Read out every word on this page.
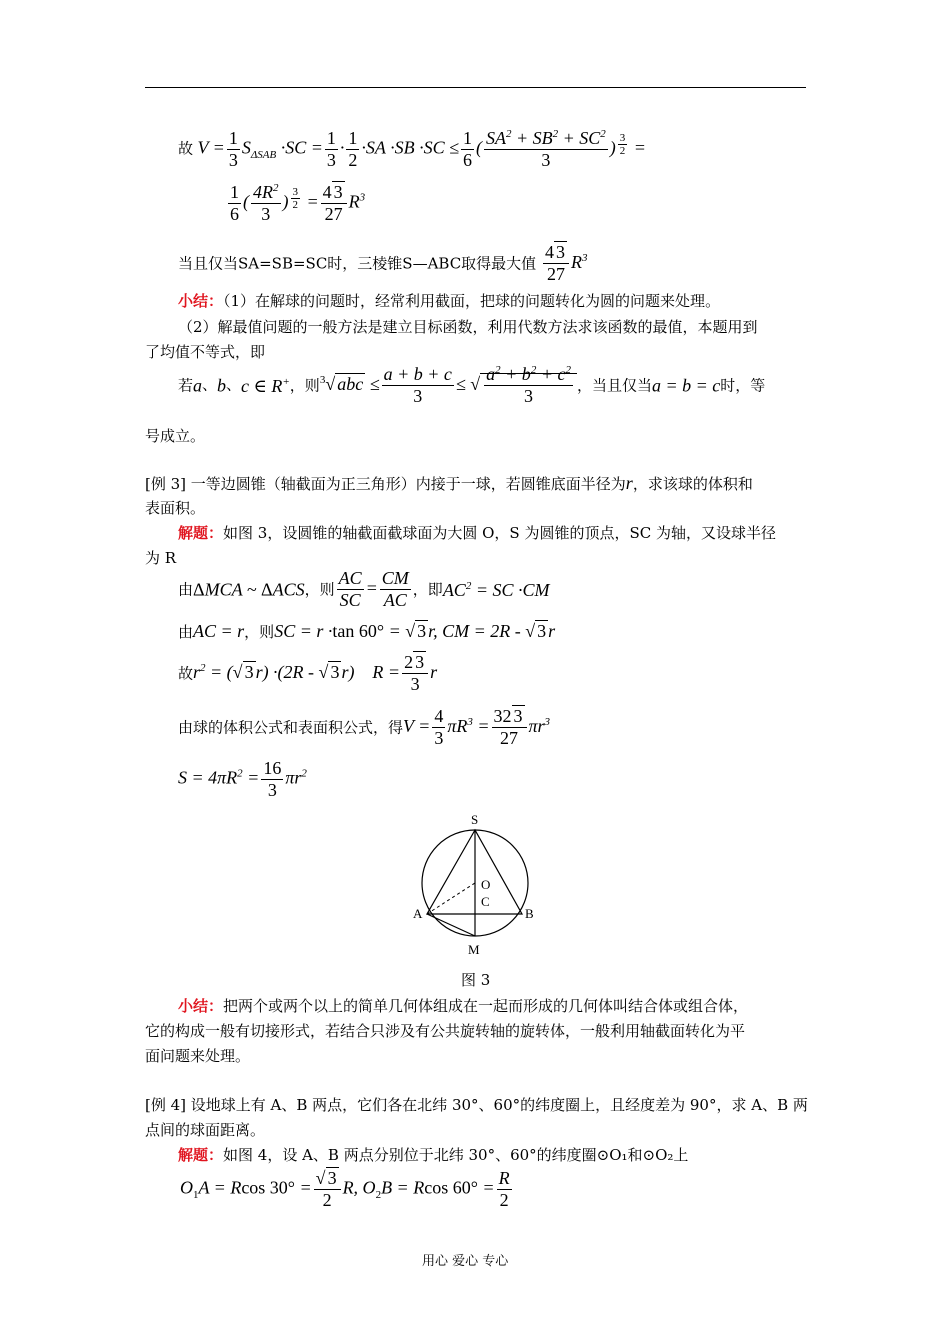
故 $V = \frac{1}{3} S_{\Delta SAB} \cdot SC = \frac{1}{3} \cdot \frac{1}{2} \cdot SA \cdot SB \cdot SC \le \frac{1}{6}$ ( $\frac{SA^2 + SB^2 + SC^2}{3}$ ) $^{\frac{3}{2}}$ =
$\frac{1}{6}$ ( $\frac{4R^2}{3}$ ) $^{\frac{3}{2}} = \frac{4 3}{27} R^3$
当且仅当SA=SB=SC时，三棱锥S—ABC取得最大值 $\frac{4 3}{27} R^3$
小结：（1）在解球的问题时，经常利用截面，把球的问题转化为圆的问题来处理。
（2）解最值问题的一般方法是建立目标函数，利用代数方法求该函数的最值，本题用到
了均值不等式，即
若a、b、c ∈ R+，则$^3$√ abc ≤ $\frac{a + b + c}{3}$ ≤ √ $\frac{a^2 + b^2 + c^2}{3}$ ，当且仅当a = b = c时，等
号成立。
[例 3] 一等边圆锥（轴截面为正三角形）内接于一球，若圆锥底面半径为r，求该球的体积和
表面积。
解题：如图 3，设圆锥的轴截面截球面为大圆 O，S 为圆锥的顶点，SC 为轴，又设球半径
为 R
由ΔMCA ~ ΔACS，则 $\frac{AC}{SC} = \frac{CM}{AC}$ ，即$AC^2$ = SC ·CM
由AC = r，则SC = r ·tan 60° = √ 3 r, CM = 2R - √ 3 r
故$r^2$ = (√ 3 r) ·(2R - √ 3 r)    $R = \frac{2 3}{3}$ r
由球的体积公式和表面积公式，得$V = \frac{4}{3} \pi R^3 = \frac{32 3}{27} \pi r^3$
$S = 4\pi R^2 = \frac{16}{3} \pi r^2$
S
O
C
A	B
M
图 3
小结：把两个或两个以上的简单几何体组成在一起而形成的几何体叫结合体或组合体，
它的构成一般有切接形式，若结合只涉及有公共旋转轴的旋转体，一般利用轴截面转化为平
面问题来处理。
[例 4] 设地球上有 A、B 两点，它们各在北纬 30°、60°的纬度圈上，且经度差为 90°，求 A、B 两
点间的球面距离。
解题：如图 4，设 A、B 两点分别位于北纬 30°、60°的纬度圈⊙O₁和⊙O₂上
$O_1A = Rcos$ $30^\circ = \frac{√ 3}{2} R$, $O_2B = Rcos$ $60^\circ = \frac{R}{2}$
用心 爱心 专心
